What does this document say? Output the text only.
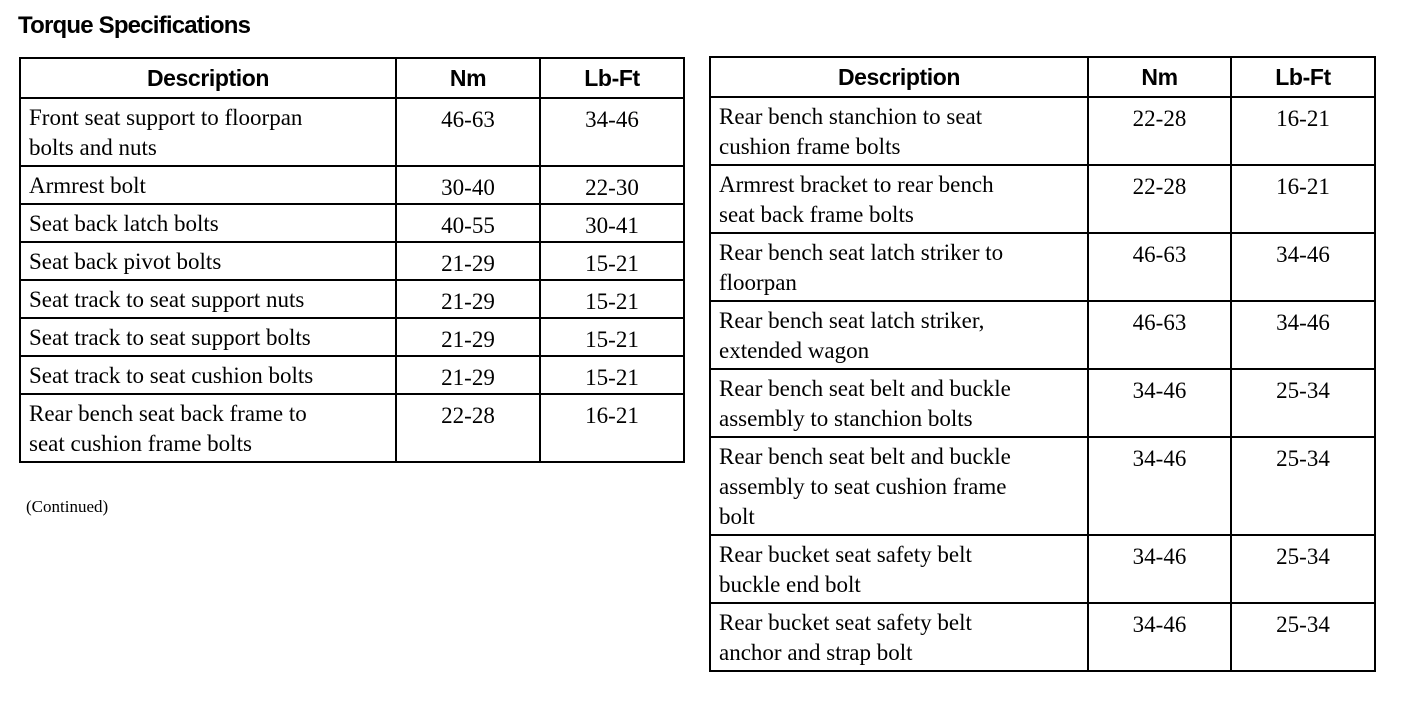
Torque Specifications
Description	Nm	Lb-Ft

Front seat support to floorpan
bolts and nuts	46-63	34-46

Armrest bolt	30-40	22-30

Seat back latch bolts	40-55	30-41

Seat back pivot bolts	21-29	15-21

Seat track to seat support nuts	21-29	15-21

Seat track to seat support bolts	21-29	15-21

Seat track to seat cushion bolts	21-29	15-21

Rear bench seat back frame to
seat cushion frame bolts	22-28	16-21

(Continued)

Description	Nm	Lb-Ft

Rear bench stanchion to seat
cushion frame bolts	22-28	16-21

Armrest bracket to rear bench
seat back frame bolts	22-28	16-21

Rear bench seat latch striker to
floorpan	46-63	34-46

Rear bench seat latch striker,
extended wagon	46-63	34-46

Rear bench seat belt and buckle
assembly to stanchion bolts	34-46	25-34

Rear bench seat belt and buckle
assembly to seat cushion frame
bolt	34-46	25-34

Rear bucket seat safety belt
buckle end bolt	34-46	25-34

Rear bucket seat safety belt
anchor and strap bolt	34-46	25-34
